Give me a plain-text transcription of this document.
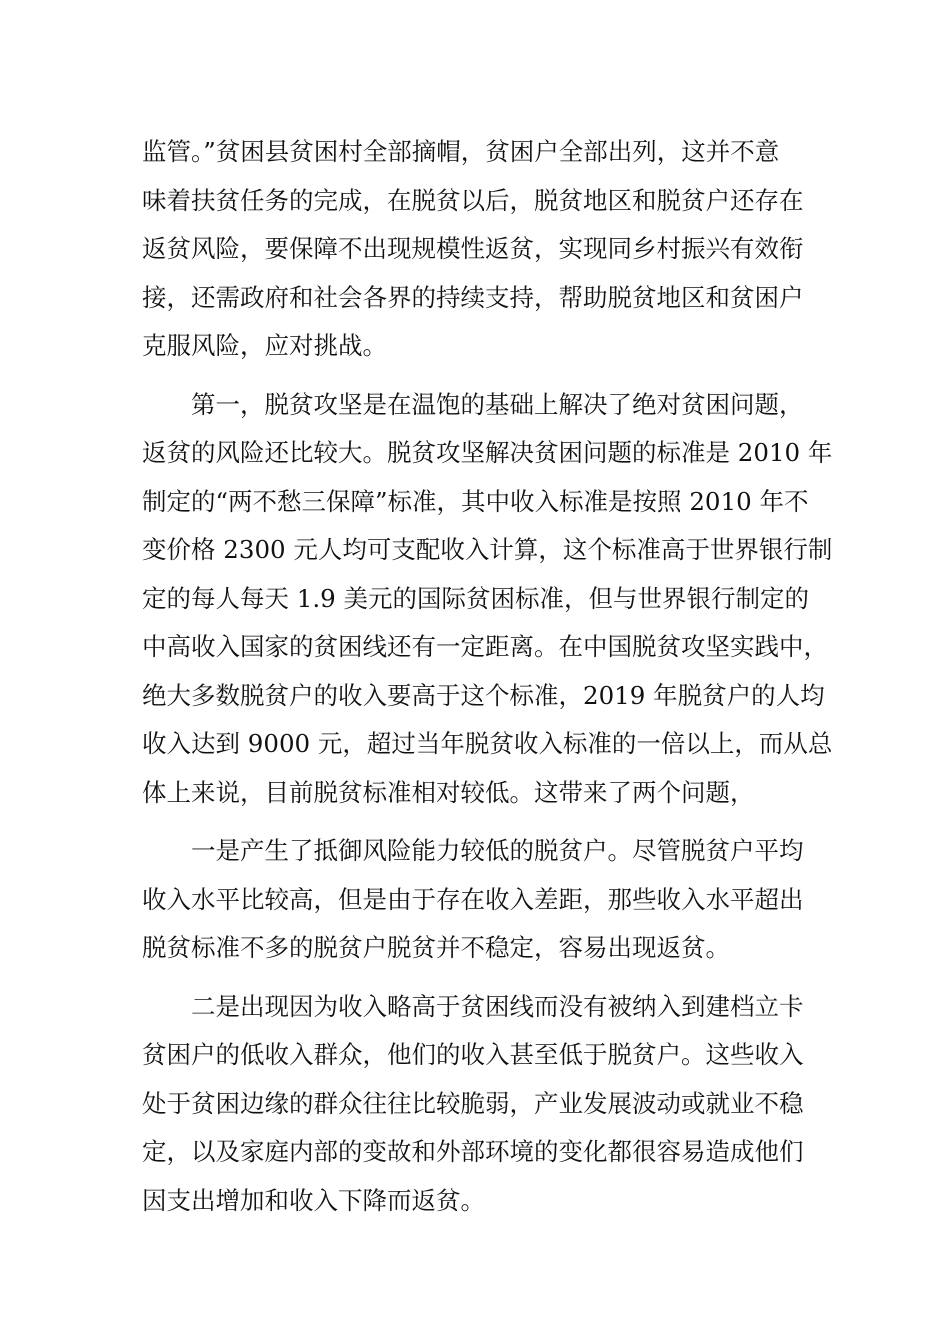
监管。”贫困县贫困村全部摘帽，贫困户全部出列，这并不意
味着扶贫任务的完成，在脱贫以后，脱贫地区和脱贫户还存在
返贫风险，要保障不出现规模性返贫，实现同乡村振兴有效衔
接，还需政府和社会各界的持续支持，帮助脱贫地区和贫困户
克服风险，应对挑战。
　　第一，脱贫攻坚是在温饱的基础上解决了绝对贫困问题，
返贫的风险还比较大。脱贫攻坚解决贫困问题的标准是 2010 年
制定的“两不愁三保障”标准，其中收入标准是按照 2010 年不
变价格 2300 元人均可支配收入计算，这个标准高于世界银行制
定的每人每天 1.9 美元的国际贫困标准，但与世界银行制定的
中高收入国家的贫困线还有一定距离。在中国脱贫攻坚实践中，
绝大多数脱贫户的收入要高于这个标准，2019 年脱贫户的人均
收入达到 9000 元，超过当年脱贫收入标准的一倍以上，而从总
体上来说，目前脱贫标准相对较低。这带来了两个问题，
　　一是产生了抵御风险能力较低的脱贫户。尽管脱贫户平均
收入水平比较高，但是由于存在收入差距，那些收入水平超出
脱贫标准不多的脱贫户脱贫并不稳定，容易出现返贫。
　　二是出现因为收入略高于贫困线而没有被纳入到建档立卡
贫困户的低收入群众，他们的收入甚至低于脱贫户。这些收入
处于贫困边缘的群众往往比较脆弱，产业发展波动或就业不稳
定，以及家庭内部的变故和外部环境的变化都很容易造成他们
因支出增加和收入下降而返贫。
